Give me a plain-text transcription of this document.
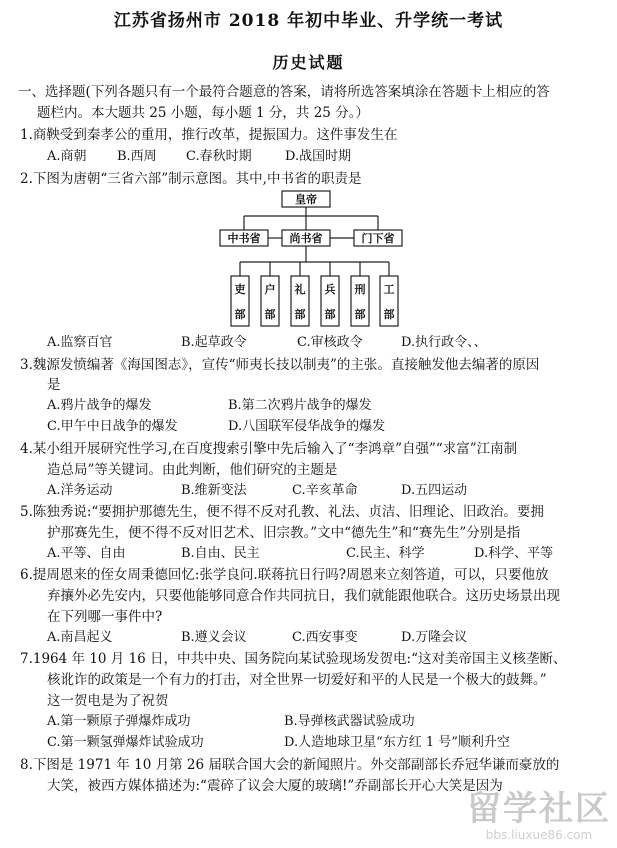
江苏省扬州市 2018 年初中毕业、升学统一考试
历史试题
一、选择题(下列各题只有一个最符合题意的答案，请将所选答案填涂在答题卡上相应的答
题栏内。本大题共 25 小题，每小题 1 分，共 25 分。）
1.商鞅受到秦孝公的重用，推行改革，提振国力。这件事发生在
A.商朝 B.西周 C.春秋时期	D.战国时期
2.下图为唐朝“三省六部”制示意图。其中,中书省的职责是
皇帝
中书省	尚书省	门下省
吏
部
户
部
礼
部
兵
部
刑
部
工
部
A.监察百官	B.起草政令	C.审核政令	D.执行政令、、
3.魏源发愤编著《海国图志》，宣传“师夷长技以制夷”的主张。直接触发他去编著的原因
是
A.鸦片战争的爆发	B.第二次鸦片战争的爆发
C.甲午中日战争的爆发	D.八国联军侵华战争的爆发
4.某小组开展研究性学习,在百度搜索引擎中先后输入了“李鸿章”自强”“求富”江南制
造总局”等关键词。由此判断，他们研究的主题是
A.洋务运动	B.维新变法	C.辛亥革命	D.五四运动
5.陈独秀说:“要拥护那德先生，便不得不反对孔教、礼法、贞洁、旧理论、旧政治。要拥
护那赛先生，便不得不反对旧艺术、旧宗教。”文中“德先生”和“赛先生”分别是指
A.平等、自由	B.自由、民主	C.民主、科学	D.科学、平等
6.提周恩来的侄女周秉德回忆:张学良问.联蒋抗日行吗?周恩来立刻答道，可以，只要他放
弃攘外必先安内，只要他能够同意合作共同抗日，我们就能跟他联合。这历史场景出现
在下列哪一事件中?
A.南昌起义	B.遵义会议	C.西安事变	D.万隆会议
7.1964 年 10 月 16 日，中共中央、国务院向某试验现场发贺电:“这对美帝国主义核垄断、
核讹诈的政策是一个有力的打击，对全世界一切爱好和平的人民是一个极大的鼓舞。”
这一贺电是为了祝贺
A.第一颗原子弹爆炸成功	B.导弹核武器试验成功
C.第一颗氢弹爆炸试验成功	D.人造地球卫星“东方红 1 号”顺利升空
8.下图是 1971 年 10 月第 26 届联合国大会的新闻照片。外交部副部长乔冠华谦而豪放的
大笑，被西方媒体描述为:“震碎了议会大厦的玻璃!”乔副部长开心大笑是因为
留学社区
bbs.liuxue86.com
